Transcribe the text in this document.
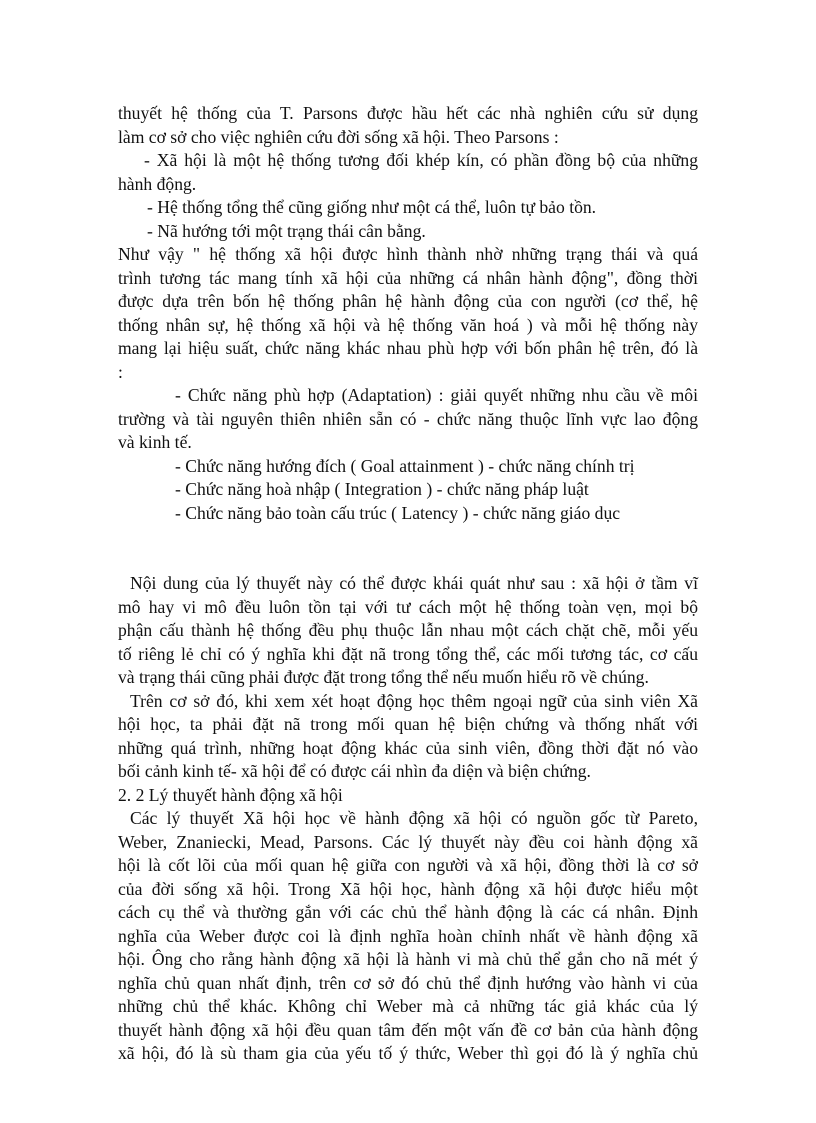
thuyết hệ thống của T. Parsons được hầu hết các nhà nghiên cứu sử dụng
làm cơ sở cho việc nghiên cứu đời sống xã hội. Theo Parsons :
- Xã hội là một hệ thống tương đối khép kín, có phần đồng bộ của những
hành động.
- Hệ thống tổng thể cũng giống như một cá thể, luôn tự bảo tồn.
- Nã hướng tới một trạng thái cân bằng.
Như vậy " hệ thống xã hội được hình thành nhờ những trạng thái và quá
trình tương tác mang tính xã hội của những cá nhân hành động", đồng thời
được dựa trên bốn hệ thống phân hệ hành động của con người (cơ thể, hệ
thống nhân sự, hệ thống xã hội và hệ thống văn hoá ) và mỗi hệ thống này
mang lại hiệu suất, chức năng khác nhau phù hợp với bốn phân hệ trên, đó là
:
- Chức năng phù hợp (Adaptation) : giải quyết những nhu cầu về môi
trường và tài nguyên thiên nhiên sẵn có - chức năng thuộc lĩnh vực lao động
và kinh tế.
- Chức năng hướng đích ( Goal attainment ) - chức năng chính trị
- Chức năng hoà nhập ( Integration ) - chức năng pháp luật
- Chức năng bảo toàn cấu trúc ( Latency ) - chức năng giáo dục
Nội dung của lý thuyết này có thể được khái quát như sau : xã hội ở tầm vĩ
mô hay vi mô đều luôn tồn tại với tư cách một hệ thống toàn vẹn, mọi bộ
phận cấu thành hệ thống đều phụ thuộc lẫn nhau một cách chặt chẽ, mỗi yếu
tố riêng lẻ chỉ có ý nghĩa khi đặt nã trong tổng thể, các mối tương tác, cơ cấu
và trạng thái cũng phải được đặt trong tổng thể nếu muốn hiểu rõ về chúng.
Trên cơ sở đó, khi xem xét hoạt động học thêm ngoại ngữ của sinh viên Xã
hội học, ta phải đặt nã trong mối quan hệ biện chứng và thống nhất với
những quá trình, những hoạt động khác của sinh viên, đồng thời đặt nó vào
bối cảnh kinh tế- xã hội để có được cái nhìn đa diện và biện chứng.
2. 2 Lý thuyết hành động xã hội
Các lý thuyết Xã hội học về hành động xã hội có nguồn gốc từ Pareto,
Weber, Znaniecki, Mead, Parsons. Các lý thuyết này đều coi hành động xã
hội là cốt lõi của mối quan hệ giữa con người và xã hội, đồng thời là cơ sở
của đời sống xã hội. Trong Xã hội học, hành động xã hội được hiểu một
cách cụ thể và thường gắn với các chủ thể hành động là các cá nhân. Định
nghĩa của Weber được coi là định nghĩa hoàn chỉnh nhất về hành động xã
hội. Ông cho rằng hành động xã hội là hành vi mà chủ thể gắn cho nã mét ý
nghĩa chủ quan nhất định, trên cơ sở đó chủ thể định hướng vào hành vi của
những chủ thể khác. Không chỉ Weber mà cả những tác giả khác của lý
thuyết hành động xã hội đều quan tâm đến một vấn đề cơ bản của hành động
xã hội, đó là sù tham gia của yếu tố ý thức, Weber thì gọi đó là ý nghĩa chủ
